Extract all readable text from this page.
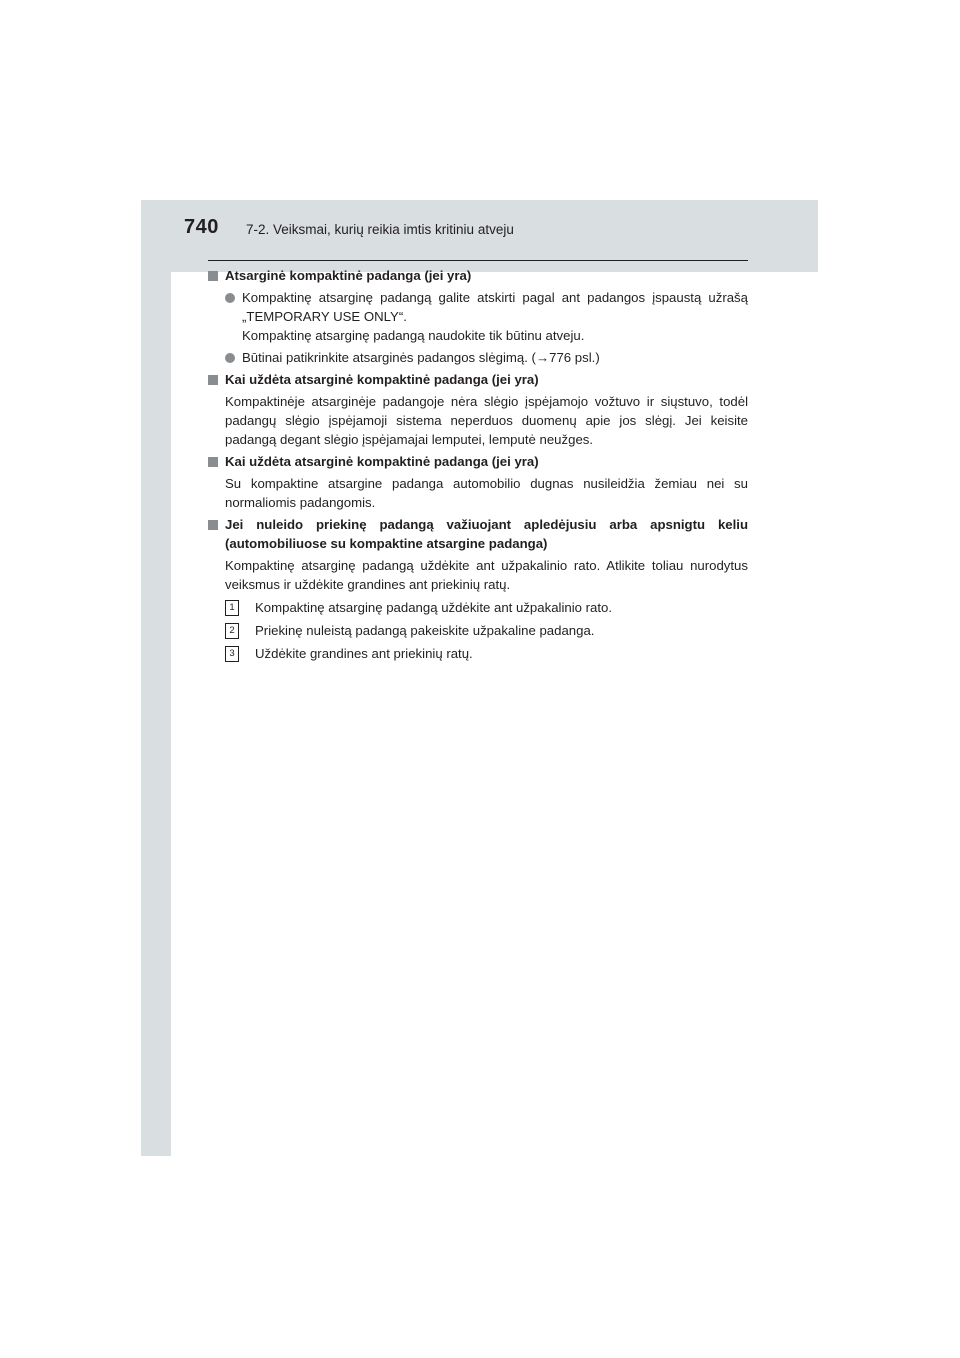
740 7-2. Veiksmai, kurių reikia imtis kritiniu atveju
Atsarginė kompaktinė padanga (jei yra)
Kompaktinę atsarginę padangą galite atskirti pagal ant padangos įspaustą užrašą „TEMPORARY USE ONLY“.
Kompaktinę atsarginę padangą naudokite tik būtinu atveju.
Būtinai patikrinkite atsarginės padangos slėgimą. (→776 psl.)
Kai uždėta atsarginė kompaktinė padanga (jei yra)
Kompaktinėje atsarginėje padangoje nėra slėgio įspėjamojo vožtuvo ir siųstuvo, todėl padangų slėgio įspėjamoji sistema neperduos duomenų apie jos slėgį. Jei keisite padangą degant slėgio įspėjamajai lemputei, lemputė neužges.
Kai uždėta atsarginė kompaktinė padanga (jei yra)
Su kompaktine atsargine padanga automobilio dugnas nusileidžia žemiau nei su normaliomis padangomis.
Jei nuleido priekinę padangą važiuojant apledėjusiu arba apsnigtu keliu (automobiliuose su kompaktine atsargine padanga)
Kompaktinę atsarginę padangą uždėkite ant užpakalinio rato. Atlikite toliau nurodytus veiksmus ir uždėkite grandines ant priekinių ratų.
1	Kompaktinę atsarginę padangą uždėkite ant užpakalinio rato.
2	Priekinę nuleistą padangą pakeiskite užpakaline padanga.
3	Uždėkite grandines ant priekinių ratų.
